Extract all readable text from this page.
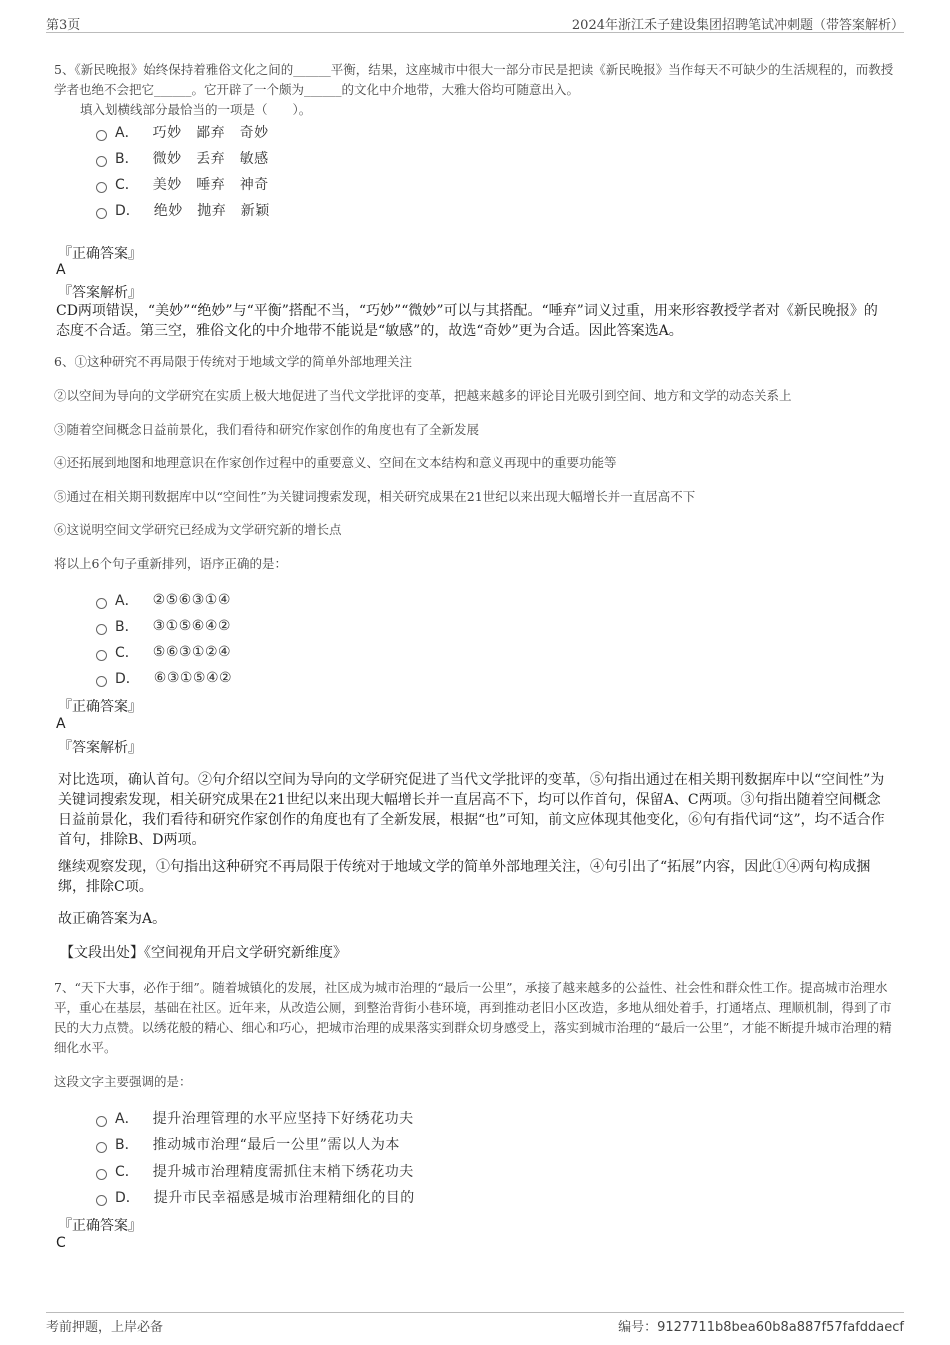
第3页	2024年浙江禾子建设集团招聘笔试冲刺题（带答案解析）
5、《新民晚报》始终保持着雅俗文化之间的______平衡，结果，这座城市中很大一部分市民是把读《新民晚报》当作每天不可缺少的生活规程的，而教授学者也绝不会把它______。它开辟了一个颇为______的文化中介地带，大雅大俗均可随意出入。
填入划横线部分最恰当的一项是（　　）。
A． 巧妙　鄙弃　奇妙
B． 微妙　丢弃　敏感
C． 美妙　唾弃　神奇
D． 绝妙　抛弃　新颖
『正确答案』
A
『答案解析』
CD两项错误，“美妙”“绝妙”与“平衡”搭配不当，“巧妙”“微妙”可以与其搭配。“唾弃”词义过重，用来形容教授学者对《新民晚报》的态度不合适。第三空，雅俗文化的中介地带不能说是“敏感”的，故选“奇妙”更为合适。因此答案选A。
6、①这种研究不再局限于传统对于地域文学的简单外部地理关注
②以空间为导向的文学研究在实质上极大地促进了当代文学批评的变革，把越来越多的评论目光吸引到空间、地方和文学的动态关系上
③随着空间概念日益前景化，我们看待和研究作家创作的角度也有了全新发展
④还拓展到地图和地理意识在作家创作过程中的重要意义、空间在文本结构和意义再现中的重要功能等
⑤通过在相关期刊数据库中以“空间性”为关键词搜索发现，相关研究成果在21世纪以来出现大幅增长并一直居高不下
⑥这说明空间文学研究已经成为文学研究新的增长点
将以上6个句子重新排列，语序正确的是：
A． ②⑤⑥③①④
B． ③①⑤⑥④②
C． ⑤⑥③①②④
D． ⑥③①⑤④②
『正确答案』
A
『答案解析』
对比选项，确认首句。②句介绍以空间为导向的文学研究促进了当代文学批评的变革，⑤句指出通过在相关期刊数据库中以“空间性”为关键词搜索发现，相关研究成果在21世纪以来出现大幅增长并一直居高不下，均可以作首句，保留A、C两项。③句指出随着空间概念日益前景化，我们看待和研究作家创作的角度也有了全新发展，根据“也”可知，前文应体现其他变化，⑥句有指代词“这”，均不适合作首句，排除B、D两项。
继续观察发现，①句指出这种研究不再局限于传统对于地域文学的简单外部地理关注，④句引出了“拓展”内容，因此①④两句构成捆绑，排除C项。
故正确答案为A。
【文段出处】《空间视角开启文学研究新维度》
7、“天下大事，必作于细”。随着城镇化的发展，社区成为城市治理的“最后一公里”，承接了越来越多的公益性、社会性和群众性工作。提高城市治理水平，重心在基层，基础在社区。近年来，从改造公厕，到整治背街小巷环境，再到推动老旧小区改造，多地从细处着手，打通堵点、理顺机制，得到了市民的大力点赞。以绣花般的精心、细心和巧心，把城市治理的成果落实到群众切身感受上，落实到城市治理的“最后一公里”，才能不断提升城市治理的精细化水平。
这段文字主要强调的是：
A． 提升治理管理的水平应坚持下好绣花功夫
B． 推动城市治理“最后一公里”需以人为本
C． 提升城市治理精度需抓住末梢下绣花功夫
D． 提升市民幸福感是城市治理精细化的目的
『正确答案』
C
考前押题，上岸必备	编号：9127711b8bea60b8a887f57fafddaecf
